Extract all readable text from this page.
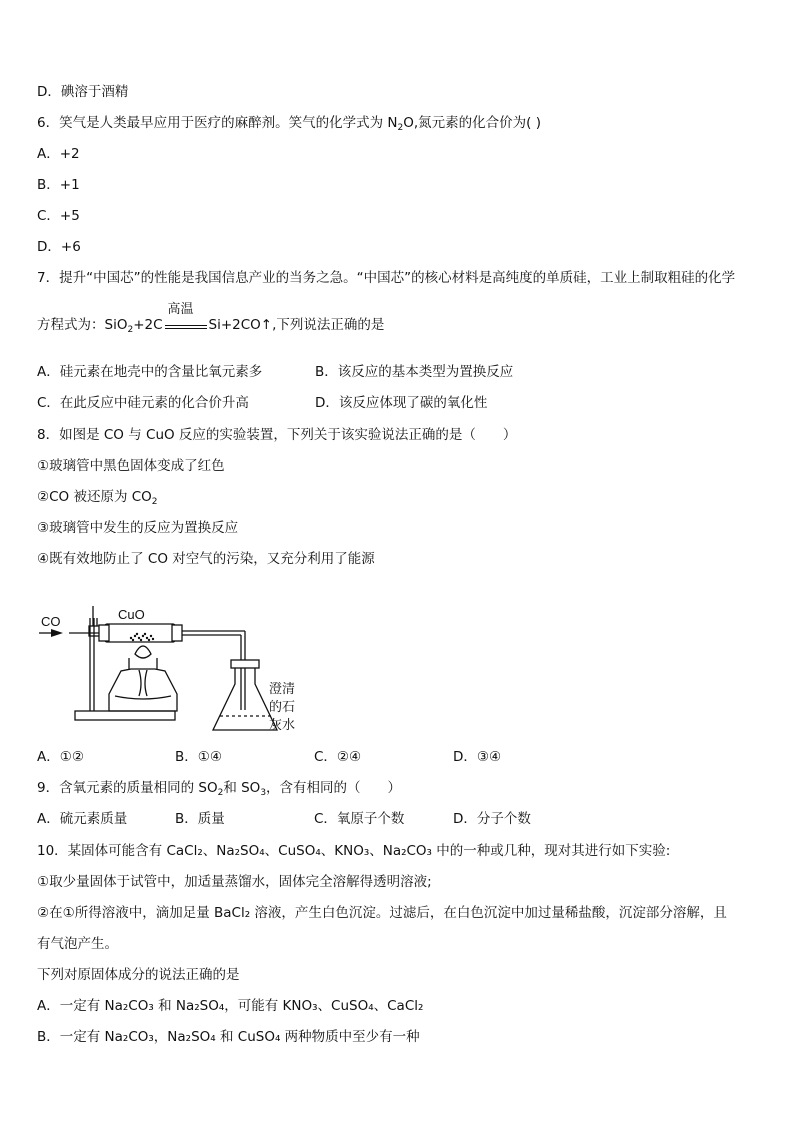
D．碘溶于酒精
6．笑气是人类最早应用于医疗的麻醉剂。笑气的化学式为 $N_2O$,氮元素的化合价为( )
A．+2
B．+1
C．+5
D．+6
7．提升“中国芯”的性能是我国信息产业的当务之急。“中国芯”的核心材料是高纯度的单质硅，工业上制取粗硅的化学
方程式为：SiO$_2$+2C
高温
Si+2CO↑,下列说法正确的是
A．硅元素在地壳中的含量比氧元素多	B．该反应的基本类型为置换反应
C．在此反应中硅元素的化合价升高	D．该反应体现了碳的氧化性
8．如图是 CO 与 CuO 反应的实验装置，下列关于该实验说法正确的是（　　）
①玻璃管中黑色固体变成了红色
②CO 被还原为 $CO_2$
③玻璃管中发生的反应为置换反应
④既有效地防止了 CO 对空气的污染，又充分利用了能源
CO	CuO
澄清
的石
灰水
A．①②	B．①④	C．②④	D．③④
9．含氧元素的质量相同的 $SO_2$和 $SO_3$，含有相同的（　　）
A．硫元素质量	B．质量	C．氧原子个数	D．分子个数
10．某固体可能含有 CaCl₂、Na₂SO₄、CuSO₄、KNO₃、Na₂CO₃ 中的一种或几种，现对其进行如下实验:
①取少量固体于试管中，加适量蒸馏水，固体完全溶解得透明溶液;
②在①所得溶液中，滴加足量 BaCl₂ 溶液，产生白色沉淀。过滤后，在白色沉淀中加过量稀盐酸，沉淀部分溶解，且
有气泡产生。
下列对原固体成分的说法正确的是
A．一定有 Na₂CO₃ 和 Na₂SO₄，可能有 KNO₃、CuSO₄、CaCl₂
B．一定有 Na₂CO₃，Na₂SO₄ 和 CuSO₄ 两种物质中至少有一种
